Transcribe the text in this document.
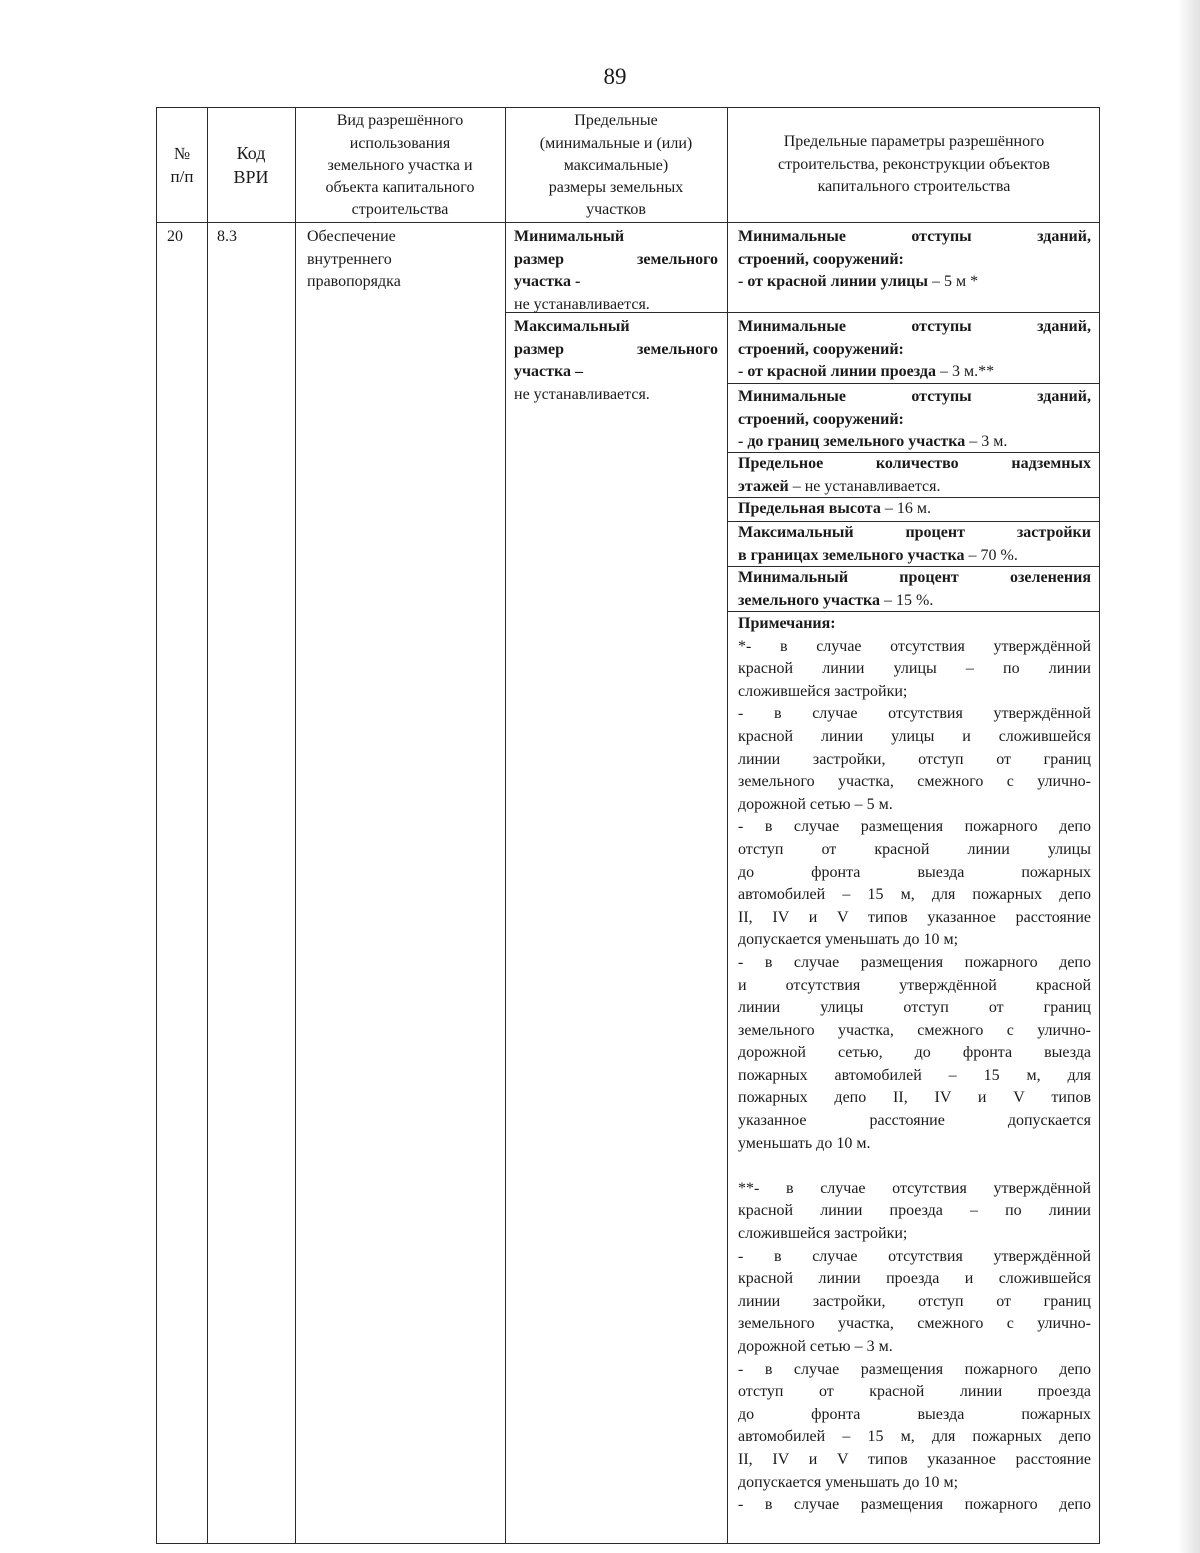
89
№
п/п
Код
ВРИ
Вид разрешённого
использования
земельного участка и
объекта капитального
строительства
Предельные
(минимальные и (или)
максимальные)
размеры земельных
участков
Предельные параметры разрешённого
строительства, реконструкции объектов
капитального строительства
20	8.3	Обеспечение
внутреннего
правопорядка
Минимальный
размер земельного
участка -
не устанавливается.
Максимальный
размер земельного
участка –
не устанавливается.
Минимальные отступы зданий,
строений, сооружений:
- от красной линии улицы – 5 м *
Минимальные отступы зданий,
строений, сооружений:
- от красной линии проезда – 3 м.**
Минимальные отступы зданий,
строений, сооружений:
- до границ земельного участка – 3 м.
Предельное количество надземных
этажей – не устанавливается.
Предельная высота – 16 м.
Максимальный процент застройки
в границах земельного участка – 70 %.
Минимальный процент озеленения
земельного участка – 15 %.
Примечания:
*- в случае отсутствия утверждённой
красной линии улицы – по линии
сложившейся застройки;
- в случае отсутствия утверждённой
красной линии улицы и сложившейся
линии застройки, отступ от границ
земельного участка, смежного с улично-
дорожной сетью – 5 м.
- в случае размещения пожарного депо
отступ от красной линии улицы
до фронта выезда пожарных
автомобилей – 15 м, для пожарных депо
II, IV и V типов указанное расстояние
допускается уменьшать до 10 м;
- в случае размещения пожарного депо
и отсутствия утверждённой красной
линии улицы отступ от границ
земельного участка, смежного с улично-
дорожной сетью, до фронта выезда
пожарных автомобилей – 15 м, для
пожарных депо II, IV и V типов
указанное расстояние допускается
уменьшать до 10 м.
**- в случае отсутствия утверждённой
красной линии проезда – по линии
сложившейся застройки;
- в случае отсутствия утверждённой
красной линии проезда и сложившейся
линии застройки, отступ от границ
земельного участка, смежного с улично-
дорожной сетью – 3 м.
- в случае размещения пожарного депо
отступ от красной линии проезда
до фронта выезда пожарных
автомобилей – 15 м, для пожарных депо
II, IV и V типов указанное расстояние
допускается уменьшать до 10 м;
- в случае размещения пожарного депо
